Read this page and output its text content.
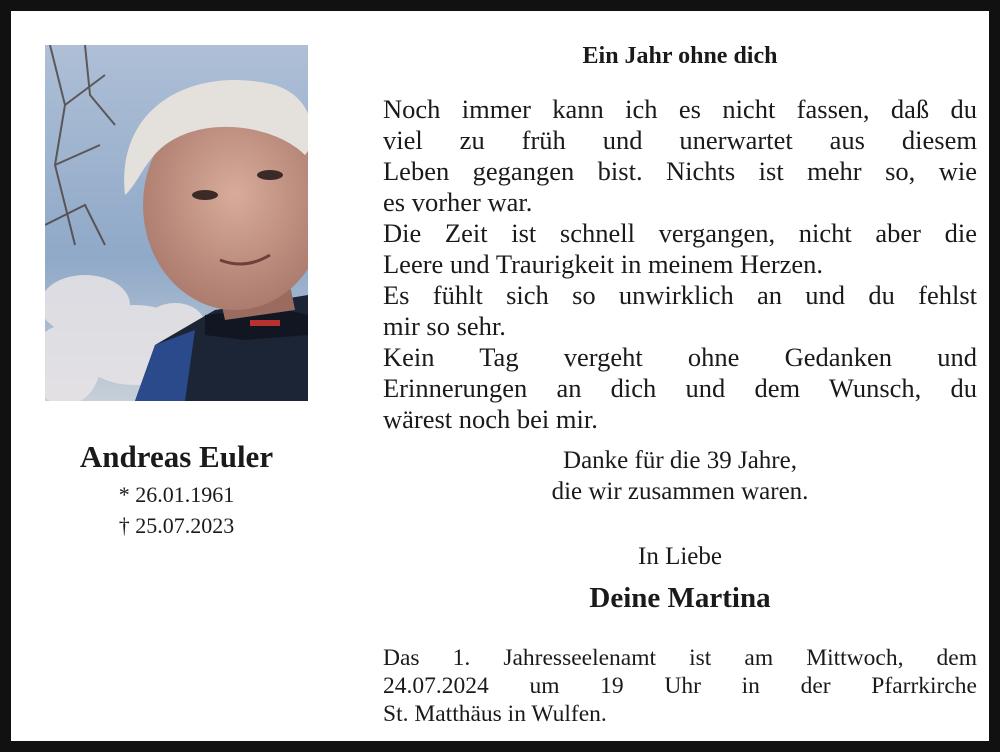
Andreas Euler
* 26.01.1961
† 25.07.2023
Ein Jahr ohne dich
Noch immer kann ich es nicht fassen, daß du
viel zu früh und unerwartet aus diesem
Leben gegangen bist. Nichts ist mehr so, wie
es vorher war.
Die Zeit ist schnell vergangen, nicht aber die
Leere und Traurigkeit in meinem Herzen.
Es fühlt sich so unwirklich an und du fehlst
mir so sehr.
Kein Tag vergeht ohne Gedanken und
Erinnerungen an dich und dem Wunsch, du
wärest noch bei mir.
Danke für die 39 Jahre,
die wir zusammen waren.
In Liebe
Deine Martina
Das 1. Jahresseelenamt ist am Mittwoch, dem
24.07.2024 um 19 Uhr in der Pfarrkirche
St. Matthäus in Wulfen.
